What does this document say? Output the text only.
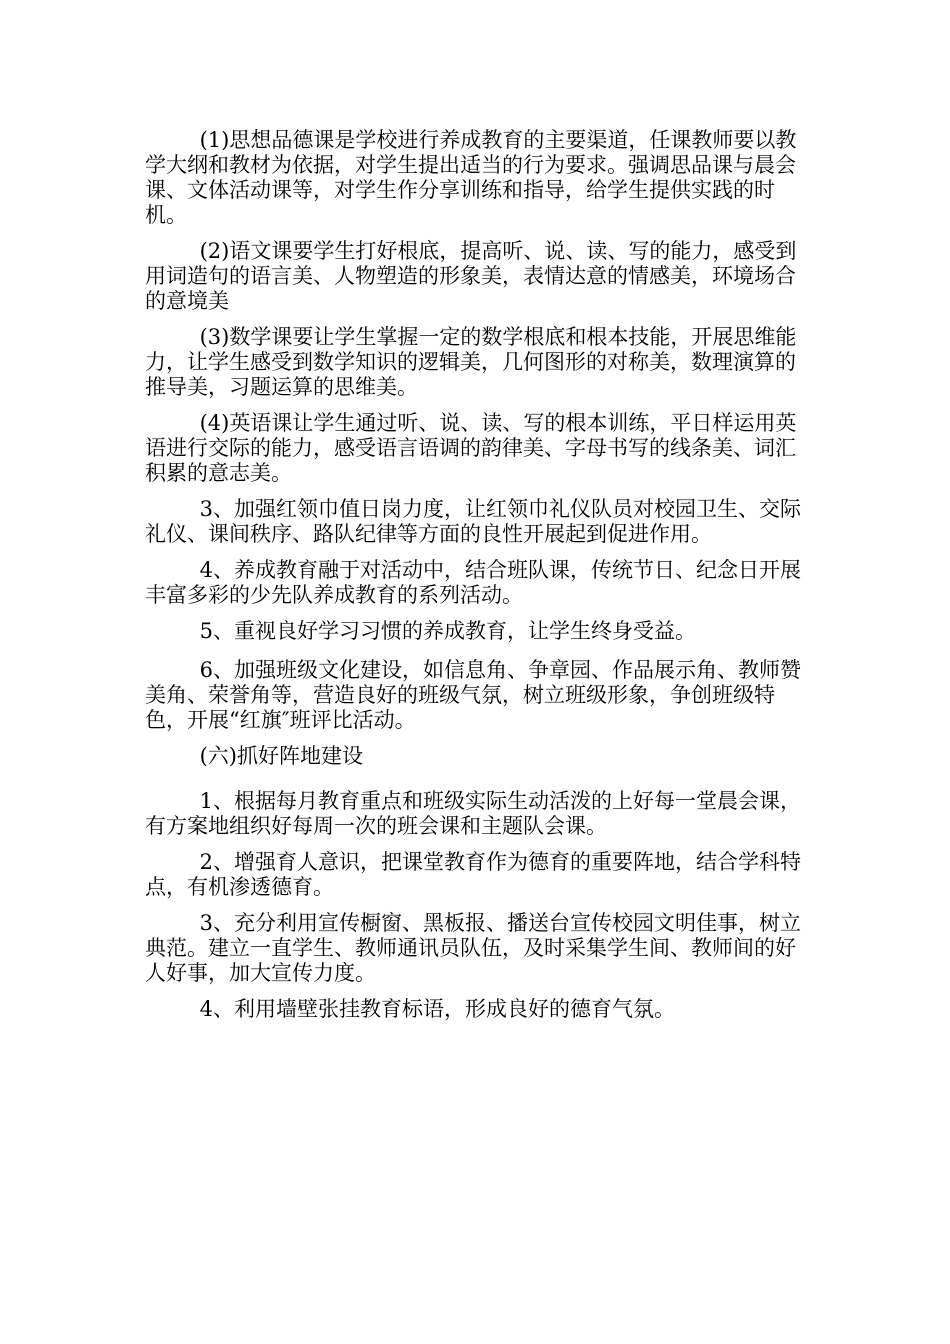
(1)思想品德课是学校进行养成教育的主要渠道，任课教师要以教学大纲和教材为依据，对学生提出适当的行为要求。强调思品课与晨会课、文体活动课等，对学生作分享训练和指导，给学生提供实践的时机。

(2)语文课要学生打好根底，提高听、说、读、写的能力，感受到用词造句的语言美、人物塑造的形象美，表情达意的情感美，环境场合的意境美

(3)数学课要让学生掌握一定的数学根底和根本技能，开展思维能力，让学生感受到数学知识的逻辑美，几何图形的对称美，数理演算的推导美，习题运算的思维美。

(4)英语课让学生通过听、说、读、写的根本训练，平日样运用英语进行交际的能力，感受语言语调的韵律美、字母书写的线条美、词汇积累的意志美。

3、加强红领巾值日岗力度，让红领巾礼仪队员对校园卫生、交际礼仪、课间秩序、路队纪律等方面的良性开展起到促进作用。

4、养成教育融于对活动中，结合班队课，传统节日、纪念日开展丰富多彩的少先队养成教育的系列活动。

5、重视良好学习习惯的养成教育，让学生终身受益。

6、加强班级文化建设，如信息角、争章园、作品展示角、教师赞美角、荣誉角等，营造良好的班级气氛，树立班级形象，争创班级特色，开展“红旗″班评比活动。

(六)抓好阵地建设

1、根据每月教育重点和班级实际生动活泼的上好每一堂晨会课，有方案地组织好每周一次的班会课和主题队会课。

2、增强育人意识，把课堂教育作为德育的重要阵地，结合学科特点，有机渗透德育。

3、充分利用宣传橱窗、黑板报、播送台宣传校园文明佳事，树立典范。建立一直学生、教师通讯员队伍，及时采集学生间、教师间的好人好事，加大宣传力度。

4、利用墙壁张挂教育标语，形成良好的德育气氛。
